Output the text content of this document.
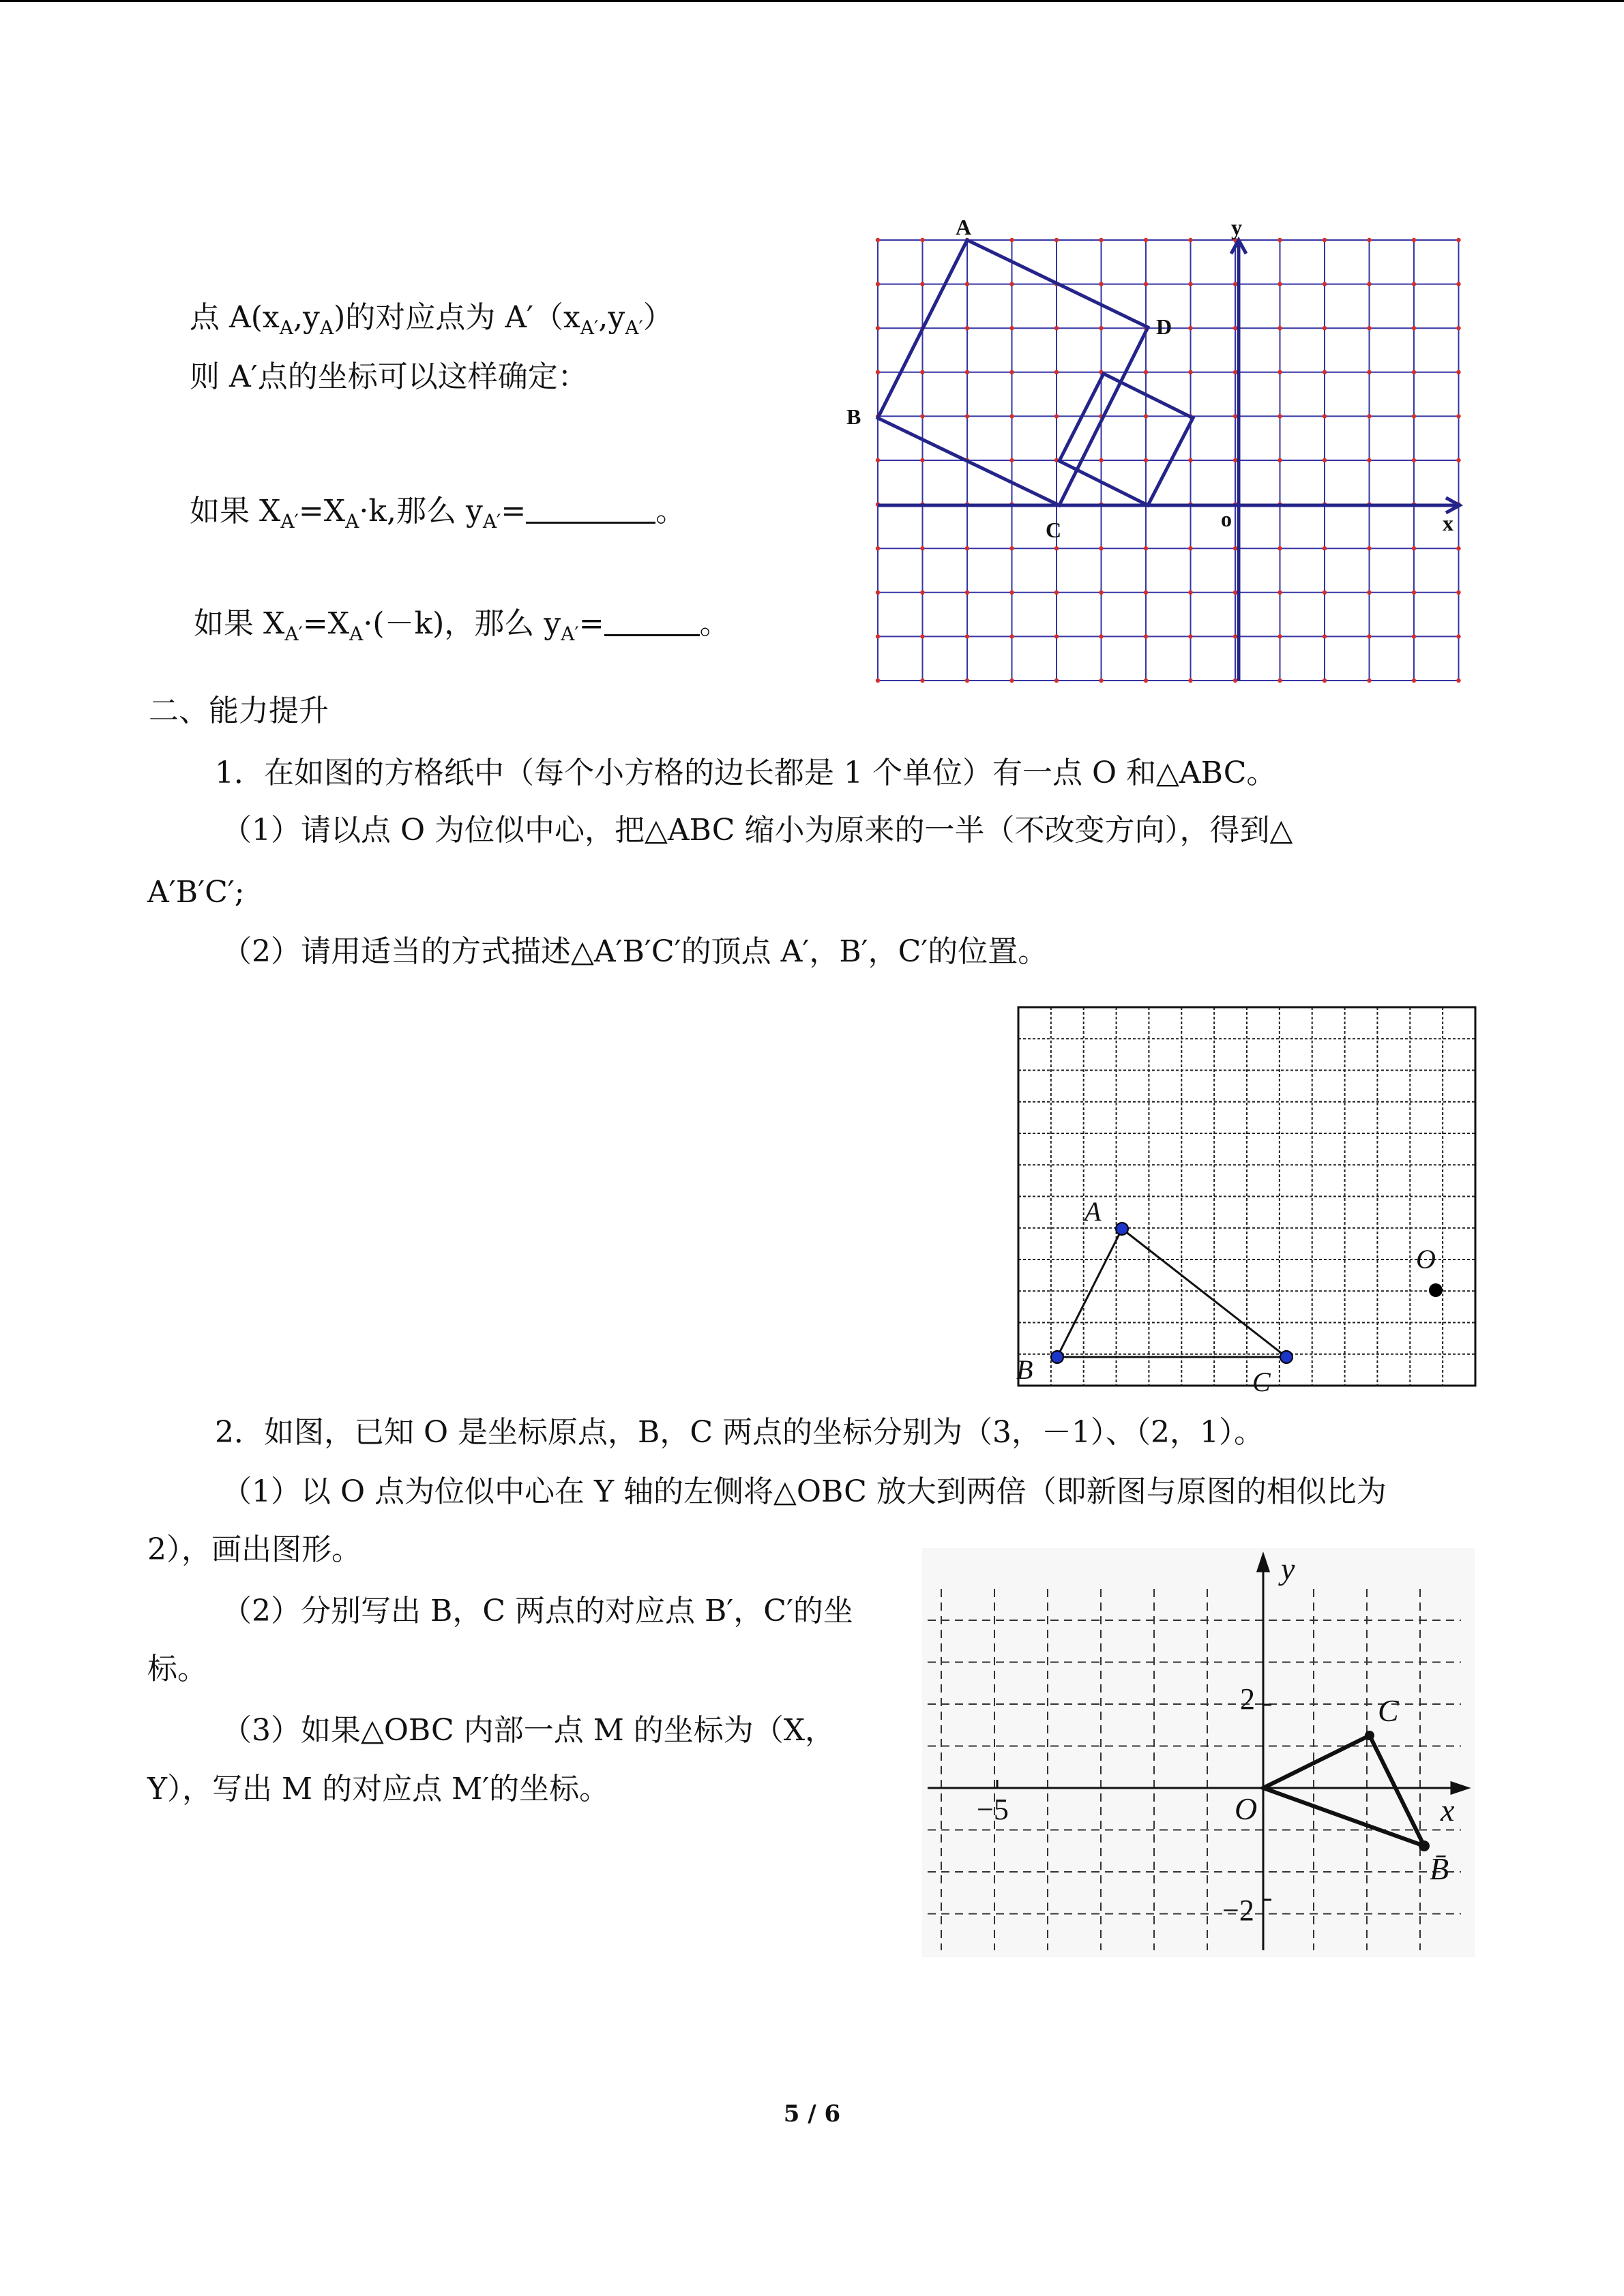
点 $A(x_A,y_A)$的对应点为 $A'(x_{A'},y_{A'})$
则 A′点的坐标可以这样确定：
如果 $X_{A'}=X_A\cdot k$,那么 $y_{A'}=$	。
如果 $X_{A'}=X_A\cdot(-k)$，那么 $y_{A'}=$	。
A
D
B
C	o	x
y
二、能力提升
1．在如图的方格纸中（每个小方格的边长都是 1 个单位）有一点 O 和△ABC。
（1）请以点 O 为位似中心，把△ABC 缩小为原来的一半（不改变方向），得到△
A′B′C′;
（2）请用适当的方式描述△A′B′C′的顶点 A′，B′，C′的位置。
A
B	C
O
2．如图，已知 O 是坐标原点，B，C 两点的坐标分别为（3，－1）、（2，1）。
（1）以 O 点为位似中心在 Y 轴的左侧将△OBC 放大到两倍（即新图与原图的相似比为
2），画出图形。
（2）分别写出 B，C 两点的对应点 B′，C′的坐
标。
（3）如果△OBC 内部一点 M 的坐标为（X，
Y），写出 M 的对应点 M′的坐标。
y
x
O
C
B̄
2
−5
−2
5 / 6
